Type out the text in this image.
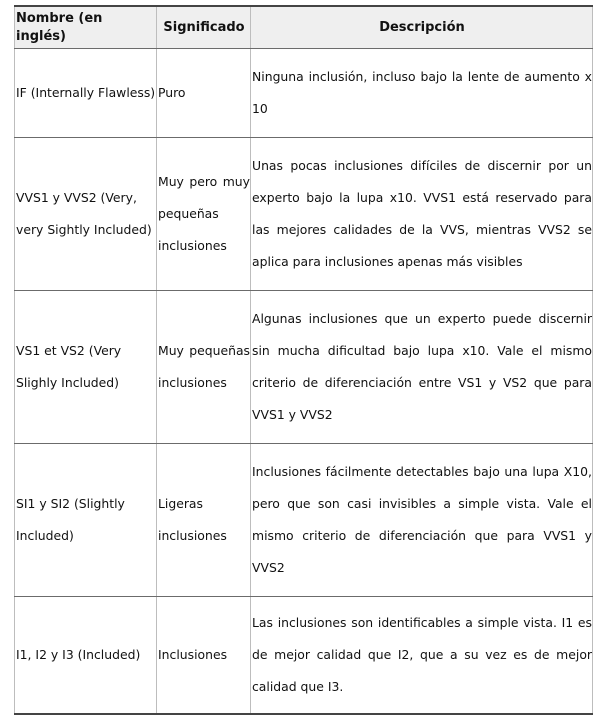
Nombre (en inglés)	Significado	Descripción
IF (Internally Flawless)	Puro	Ninguna inclusión, incluso bajo la lente de aumento x 10
VVS1 y VVS2 (Very, very Sightly Included)	Muy pero muy pequeñas inclusiones	Unas pocas inclusiones difíciles de discernir por un experto bajo la lupa x10. VVS1 está reservado para las mejores calidades de la VVS, mientras VVS2 se aplica para inclusiones apenas más visibles
VS1 et VS2 (Very Slighly Included)	Muy pequeñas inclusiones	Algunas inclusiones que un experto puede discernir sin mucha dificultad bajo lupa x10. Vale el mismo criterio de diferenciación entre VS1 y VS2 que para VVS1 y VVS2
SI1 y SI2 (Slightly Included)	Ligeras inclusiones	Inclusiones fácilmente detectables bajo una lupa X10, pero que son casi invisibles a simple vista. Vale el mismo criterio de diferenciación que para VVS1 y VVS2
I1, I2 y I3 (Included)	Inclusiones	Las inclusiones son identificables a simple vista. I1 es de mejor calidad que I2, que a su vez es de mejor calidad que I3.
